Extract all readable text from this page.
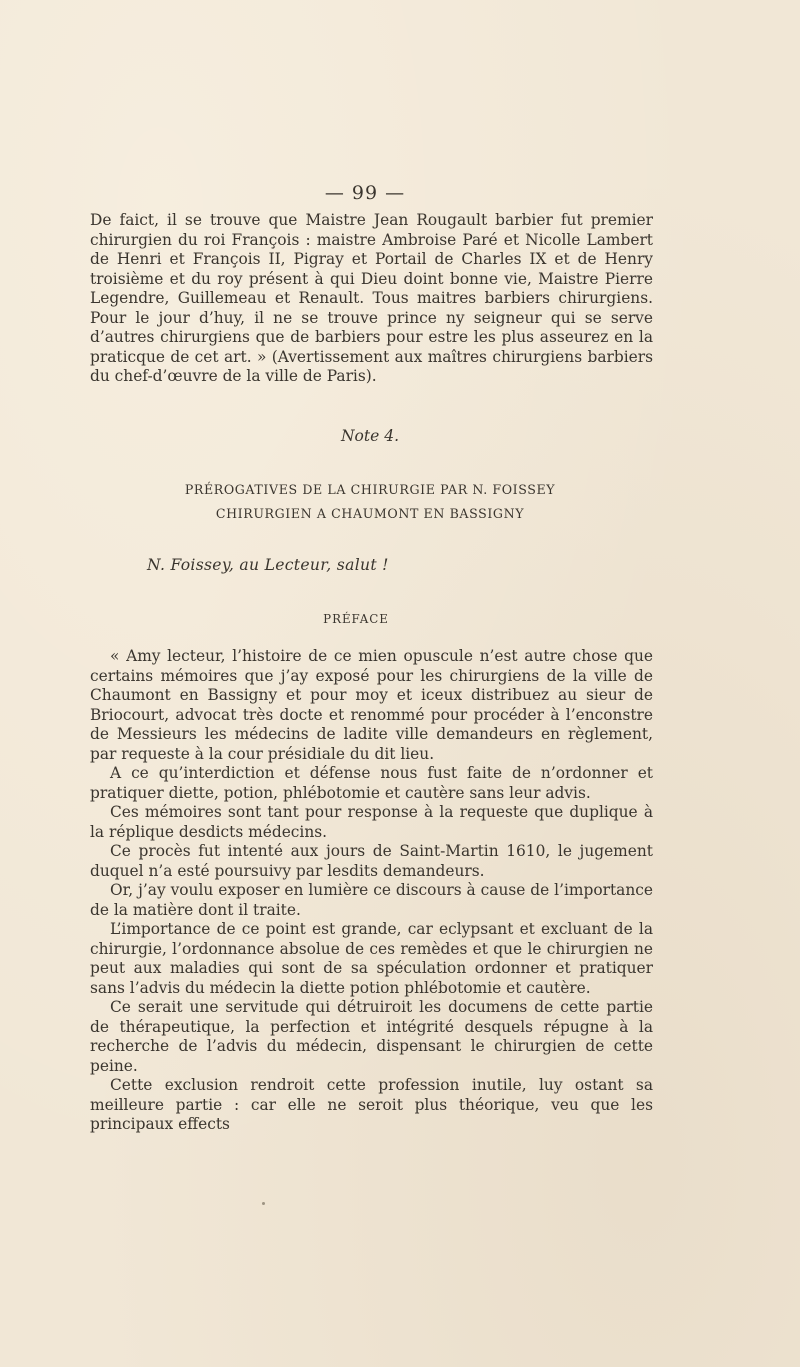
— 99 —

De faict, il se trouve que Maistre Jean Rougault barbier fut premier chirurgien du roi François : maistre Ambroise Paré et Nicolle Lambert de Henri et François II, Pigray et Portail de Charles IX et de Henry troisième et du roy présent à qui Dieu doint bonne vie, Maistre Pierre Legendre, Guillemeau et Renault. Tous maitres barbiers chirurgiens. Pour le jour d’huy, il ne se trouve prince ny seigneur qui se serve d’autres chirurgiens que de barbiers pour estre les plus asseurez en la praticque de cet art. » (Avertissement aux maîtres chirurgiens barbiers du chef-d’œuvre de la ville de Paris).

Note 4.
PRÉROGATIVES DE LA CHIRURGIE PAR N. FOISSEY
CHIRURGIEN A CHAUMONT EN BASSIGNY
N. Foissey, au Lecteur, salut !
PRÉFACE

« Amy lecteur, l’histoire de ce mien opuscule n’est autre chose que certains mémoires que j’ay exposé pour les chirurgiens de la ville de Chaumont en Bassigny et pour moy et iceux distribuez au sieur de Briocourt, advocat très docte et renommé pour procéder à l’enconstre de Messieurs les médecins de ladite ville demandeurs en règlement, par requeste à la cour présidiale du dit lieu.

A ce qu’interdiction et défense nous fust faite de n’ordonner et pratiquer diette, potion, phlébotomie et cautère sans leur advis.

Ces mémoires sont tant pour response à la requeste que duplique à la réplique desdicts médecins.

Ce procès fut intenté aux jours de Saint-Martin 1610, le jugement duquel n’a esté poursuivy par lesdits demandeurs.

Or, j’ay voulu exposer en lumière ce discours à cause de l’importance de la matière dont il traite.

L’importance de ce point est grande, car eclypsant et excluant de la chirurgie, l’ordonnance absolue de ces remèdes et que le chirurgien ne peut aux maladies qui sont de sa spéculation ordonner et pratiquer sans l’advis du médecin la diette potion phlébotomie et cautère.

Ce serait une servitude qui détruiroit les documens de cette partie de thérapeutique, la perfection et intégrité desquels répugne à la recherche de l’advis du médecin, dispensant le chirurgien de cette peine.

Cette exclusion rendroit cette profession inutile, luy ostant sa meilleure partie : car elle ne seroit plus théorique, veu que les principaux effects
